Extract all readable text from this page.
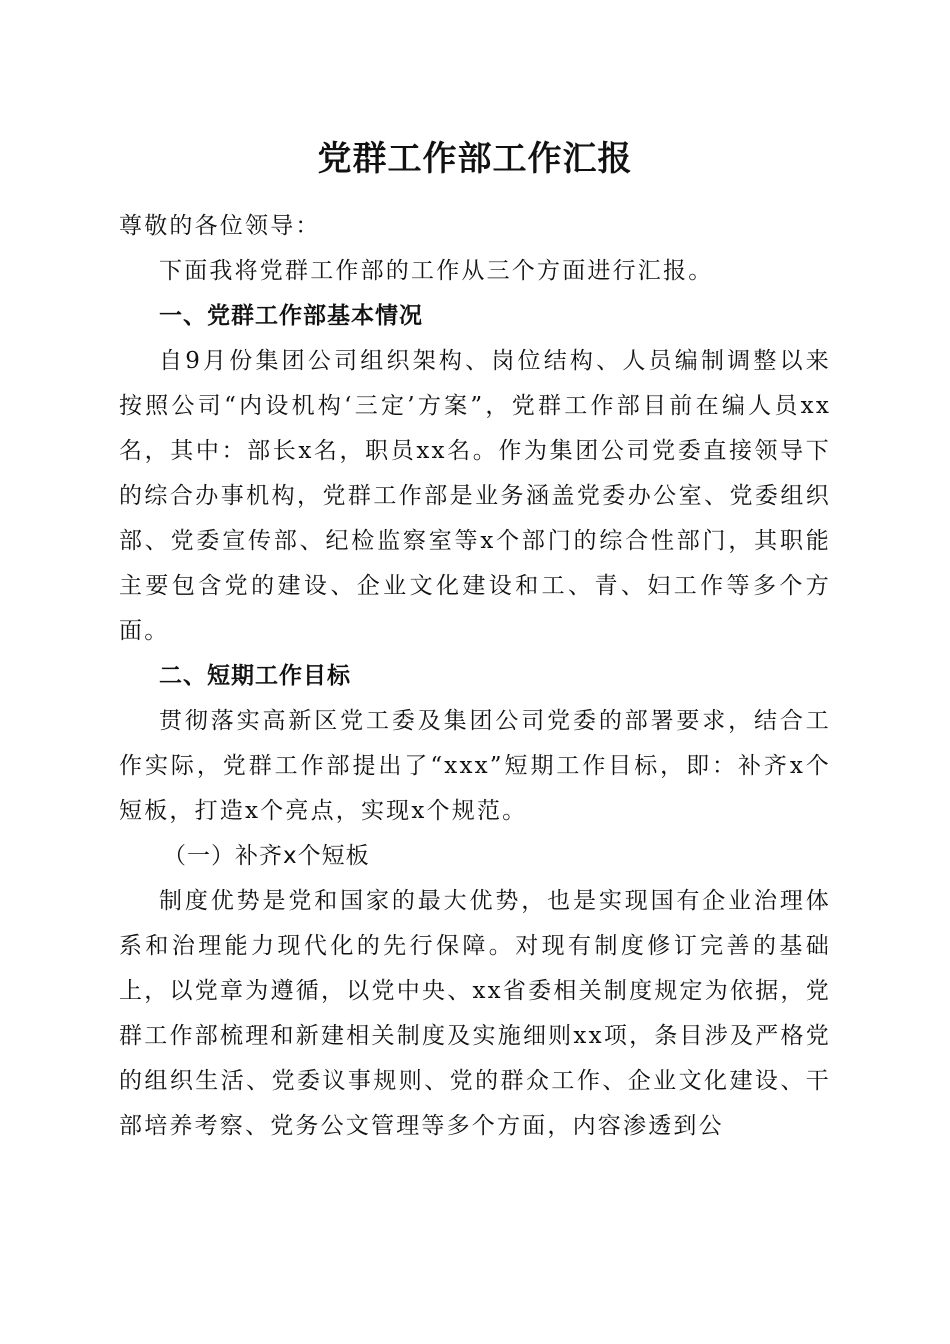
党群工作部工作汇报

尊敬的各位领导：

下面我将党群工作部的工作从三个方面进行汇报。

一、党群工作部基本情况

自9月份集团公司组织架构、岗位结构、人员编制调整以来按照公司“内设机构‘三定’方案”，党群工作部目前在编人员xx名，其中：部长x名，职员xx名。作为集团公司党委直接领导下的综合办事机构，党群工作部是业务涵盖党委办公室、党委组织部、党委宣传部、纪检监察室等x个部门的综合性部门，其职能主要包含党的建设、企业文化建设和工、青、妇工作等多个方面。

二、短期工作目标

贯彻落实高新区党工委及集团公司党委的部署要求，结合工作实际，党群工作部提出了“xxx”短期工作目标，即：补齐x个短板，打造x个亮点，实现x个规范。

（一）补齐x个短板

制度优势是党和国家的最大优势，也是实现国有企业治理体系和治理能力现代化的先行保障。对现有制度修订完善的基础上，以党章为遵循，以党中央、xx省委相关制度规定为依据，党群工作部梳理和新建相关制度及实施细则xx项，条目涉及严格党的组织生活、党委议事规则、党的群众工作、企业文化建设、干部培养考察、党务公文管理等多个方面，内容渗透到公
